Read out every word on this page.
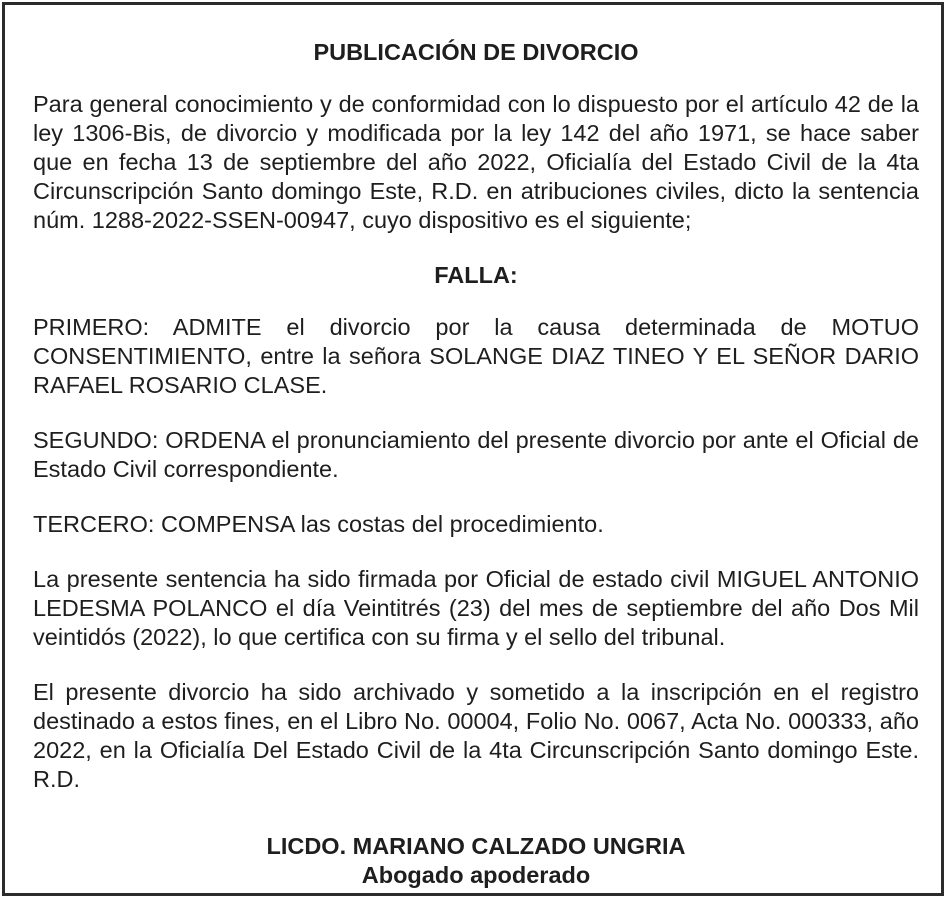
PUBLICACIÓN DE DIVORCIO
Para general conocimiento y de conformidad con lo dispuesto por el artículo 42 de la ley 1306-Bis, de divorcio y modificada por la ley 142 del año 1971, se hace saber que en fecha 13 de septiembre del año 2022, Oficialía del Estado Civil de la 4ta Circunscripción Santo domingo Este, R.D. en atribuciones civiles, dicto la sentencia núm. 1288-2022-SSEN-00947, cuyo dispositivo es el siguiente;
FALLA:
PRIMERO: ADMITE el divorcio por la causa determinada de MOTUO CONSENTIMIENTO, entre la señora SOLANGE DIAZ TINEO Y EL SEÑOR DARIO RAFAEL ROSARIO CLASE.
SEGUNDO: ORDENA el pronunciamiento del presente divorcio por ante el Oficial de Estado Civil correspondiente.
TERCERO: COMPENSA las costas del procedimiento.
La presente sentencia ha sido firmada por Oficial de estado civil MIGUEL ANTONIO LEDESMA POLANCO el día Veintitrés (23) del mes de septiembre del año Dos Mil veintidós (2022), lo que certifica con su firma y el sello del tribunal.
El presente divorcio ha sido archivado y sometido a la inscripción en el registro destinado a estos fines, en el Libro No. 00004, Folio No. 0067, Acta No. 000333, año 2022, en la Oficialía Del Estado Civil de la 4ta Circunscripción Santo domingo Este. R.D.
LICDO. MARIANO CALZADO UNGRIA
Abogado apoderado
